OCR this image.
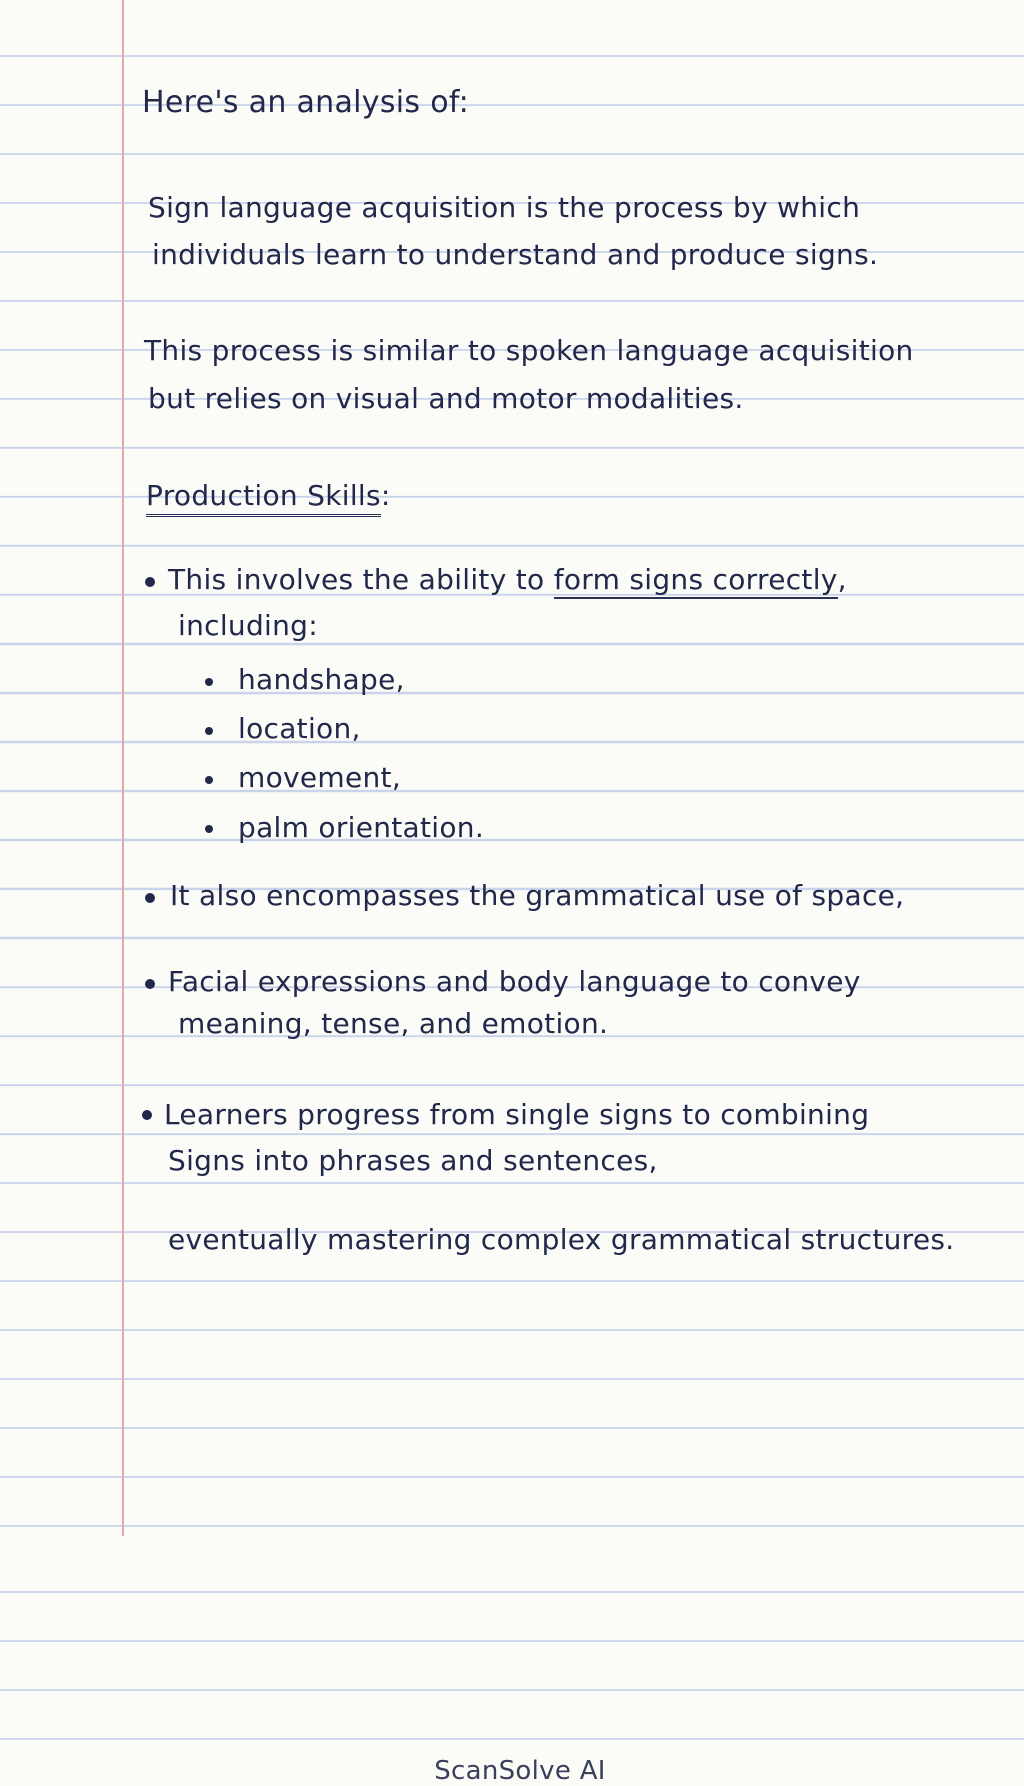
Here's an analysis of:
Sign language acquisition is the process by which
individuals learn to understand and produce signs.
This process is similar to spoken language acquisition
but relies on visual and motor modalities.
Production Skills:
This involves the ability to form signs correctly,
including:
handshape,
location,
movement,
palm orientation.
It also encompasses the grammatical use of space,
Facial expressions and body language to convey
meaning, tense, and emotion.
Learners progress from single signs to combining
Signs into phrases and sentences,
eventually mastering complex grammatical structures.
ScanSolve AI
